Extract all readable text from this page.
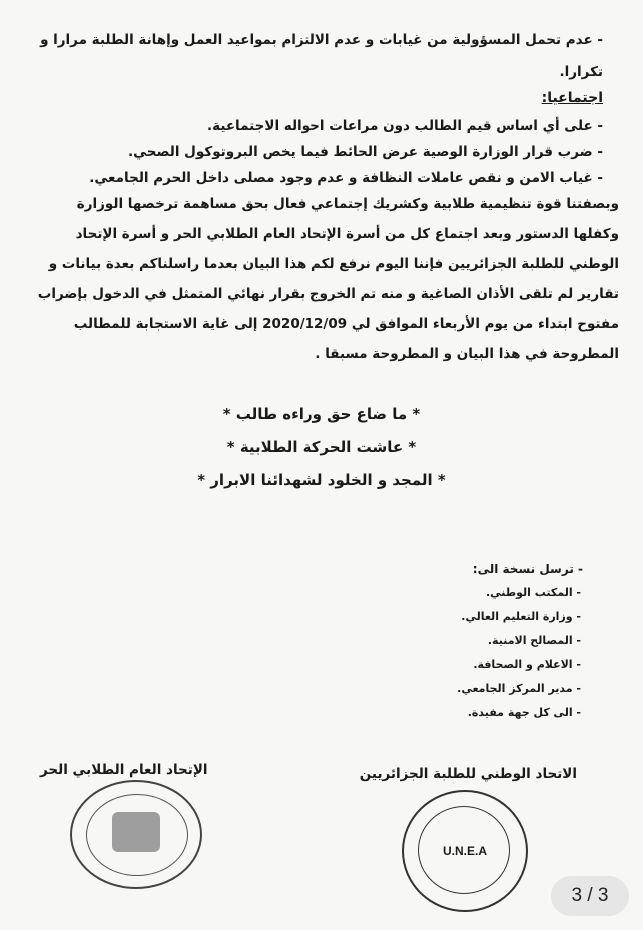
- عدم تحمل المسؤولية من غيابات و عدم الالتزام بمواعيد العمل وإهانة الطلبة مرارا و
تكرارا.
اجتماعيا:
- على أي اساس قيم الطالب دون مراعات احواله الاجتماعية.
- ضرب قرار الوزارة الوصية عرض الحائط فيما يخص البروتوكول الصحي.
- غياب الامن و نقص عاملات النظافة و عدم وجود مصلى داخل الحرم الجامعي.
وبصفتنا قوة تنظيمية طلابية وكشريك إجتماعي فعال بحق مساهمة ترخصها الوزارة
وكفلها الدستور وبعد اجتماع كل من أسرة الإتحاد العام الطلابي الحر و أسرة الإتحاد
الوطني للطلبة الجزائريين فإننا اليوم نرفع لكم هذا البيان بعدما راسلناكم بعدة بيانات و
تقارير لم تلقى الأذان الصاغية و منه تم الخروج بقرار نهائي المتمثل في الدخول بإضراب
مفتوح ابتداء من يوم الأربعاء الموافق لي 2020/12/09 إلى غاية الاستجابة للمطالب
المطروحة في هذا البيان و المطروحة مسبقا .
* ما ضاع حق وراءه طالب *
* عاشت الحركة الطلابية *
* المجد و الخلود لشهدائنا الابرار *
- ترسل نسخة الى:
- المكتب الوطني.
- وزارة التعليم العالي.
- المصالح الامنية.
- الاعلام و الصحافة.
- مدير المركز الجامعي.
- الى كل جهة مفيدة.
الاتحاد الوطني للطلبة الجزائريين
الإتحاد العام الطلابي الحر
U.N.E.A
3 / 3
